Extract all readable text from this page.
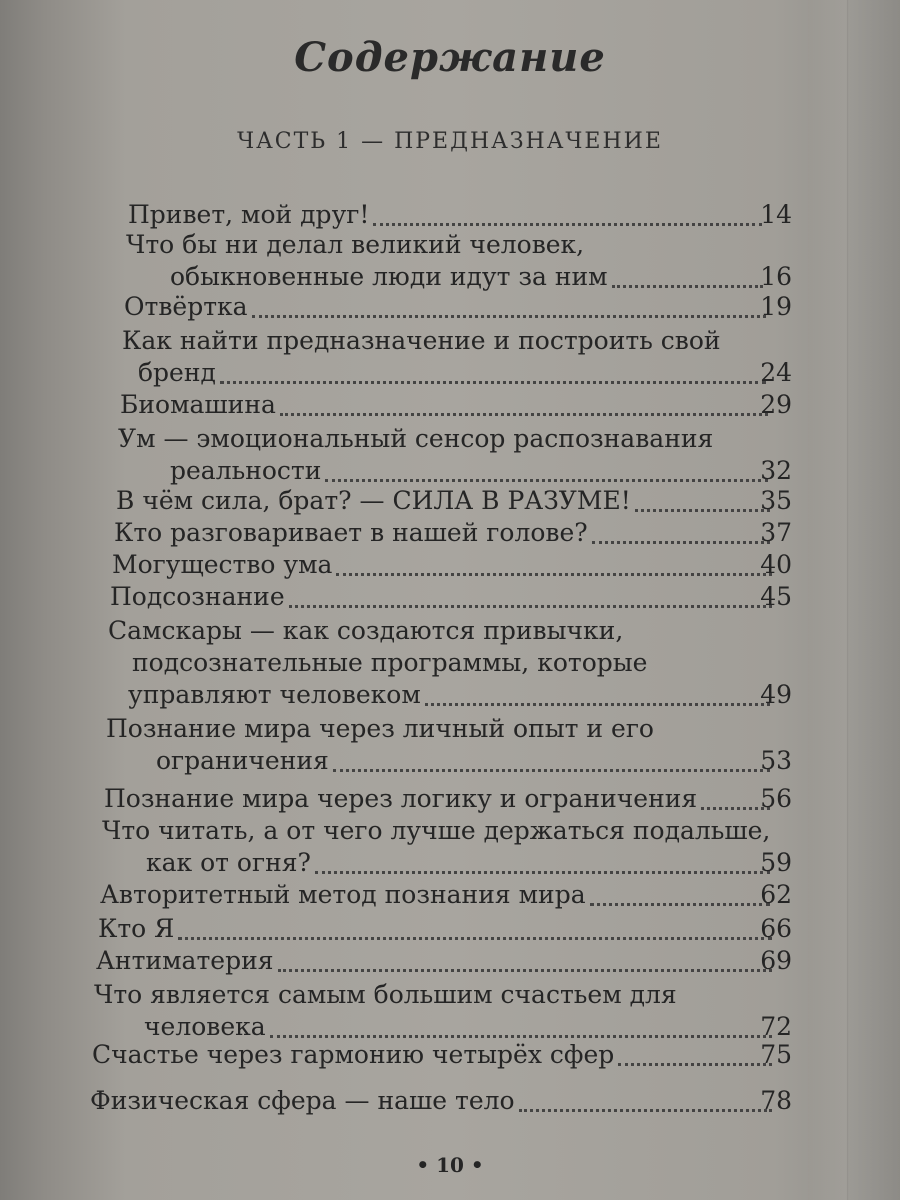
Содержание
ЧАСТЬ 1 — ПРЕДНАЗНАЧЕНИЕ
Привет, мой друг!	14
Что бы ни делал великий человек,
обыкновенные люди идут за ним	16
Отвёртка	19
Как найти предназначение и построить свой
бренд	24
Биомашина	29
Ум — эмоциональный сенсор распознавания
реальности	32
В чём сила, брат? — СИЛА В РАЗУМЕ!	35
Кто разговаривает в нашей голове?	37
Могущество ума	40
Подсознание	45
Самскары — как создаются привычки,
подсознательные программы, которые
управляют человеком	49
Познание мира через личный опыт и его
ограничения	53
Познание мира через логику и ограничения	56
Что читать, а от чего лучше держаться подальше,
как от огня?	59
Авторитетный метод познания мира	62
Кто Я	66
Антиматерия	69
Что является самым большим счастьем для
человека	72
Счастье через гармонию четырёх сфер	75
Физическая сфера — наше тело	78
• 10 •
